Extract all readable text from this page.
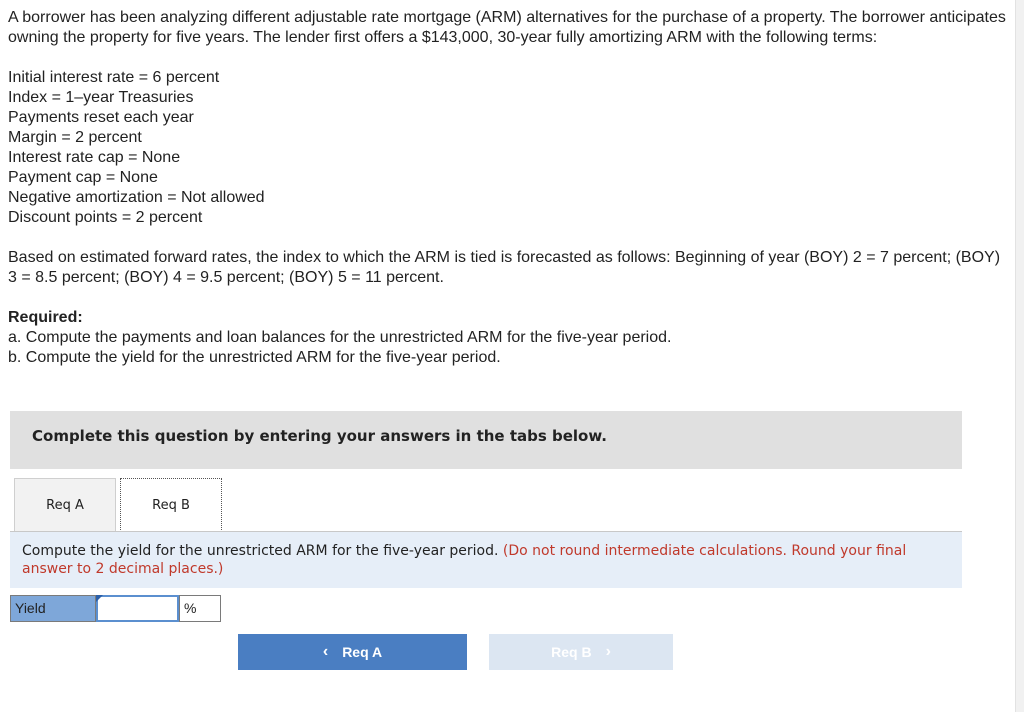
A borrower has been analyzing different adjustable rate mortgage (ARM) alternatives for the purchase of a property. The borrower anticipates owning the property for five years. The lender first offers a $143,000, 30-year fully amortizing ARM with the following terms:

Initial interest rate = 6 percent
Index = 1–year Treasuries
Payments reset each year
Margin = 2 percent
Interest rate cap = None
Payment cap = None
Negative amortization = Not allowed
Discount points = 2 percent

Based on estimated forward rates, the index to which the ARM is tied is forecasted as follows: Beginning of year (BOY) 2 = 7 percent; (BOY) 3 = 8.5 percent; (BOY) 4 = 9.5 percent; (BOY) 5 = 11 percent.

Required:
a. Compute the payments and loan balances for the unrestricted ARM for the five-year period.
b. Compute the yield for the unrestricted ARM for the five-year period.
Complete this question by entering your answers in the tabs below.
Req A	Req B
Compute the yield for the unrestricted ARM for the five-year period. (Do not round intermediate calculations. Round your final answer to 2 decimal places.)
Yield	%
‹ Req A	Req B ›
